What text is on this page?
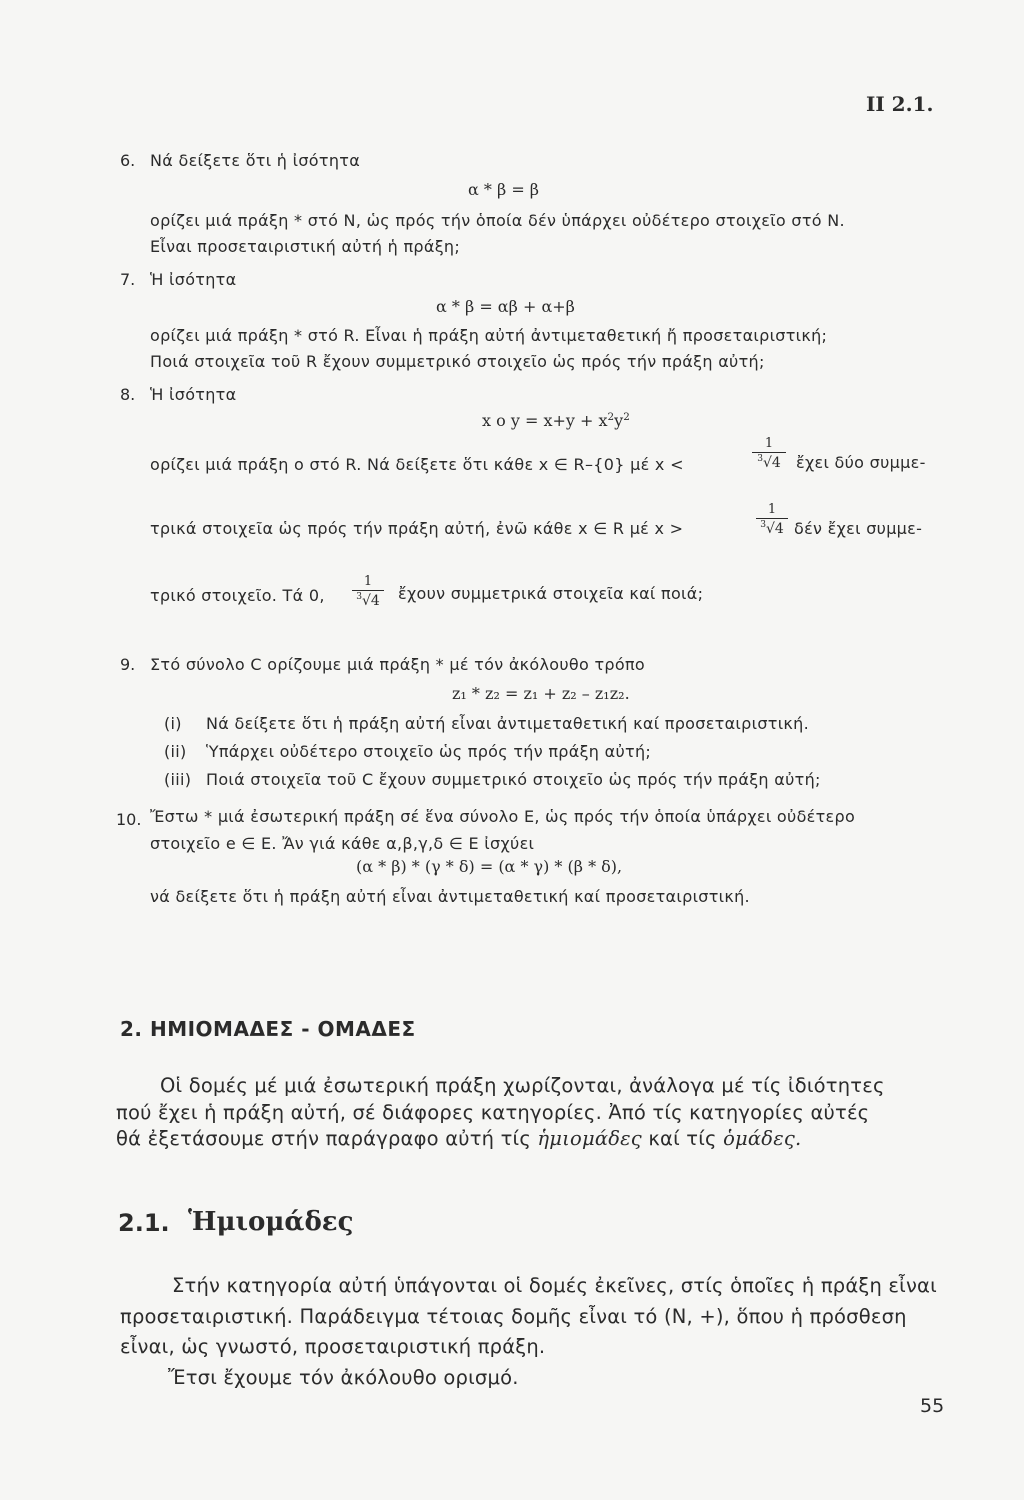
II 2.1.
6. Νά δείξετε ὅτι ἡ ἰσότητα
α * β = β
ορίζει μιά πράξη * στό N, ὡς πρός τήν ὁποία δέν ὑπάρχει οὐδέτερο στοιχεῖο στό N.
Εἶναι προσεταιριστική αὐτή ἡ πράξη;
7. Ἡ ἰσότητα
α * β = αβ + α+β
ορίζει μιά πράξη * στό R. Εἶναι ἡ πράξη αὐτή ἀντιμεταθετική ἤ προσεταιριστική;
Ποιά στοιχεῖα τοῦ R ἔχουν συμμετρικό στοιχεῖο ὡς πρός τήν πράξη αὐτή;
8. Ἡ ἰσότητα
x o $y = x+y + x^2y^2$
ορίζει μιά πράξη o στό R. Νά δείξετε ὅτι κάθε x ∈ R–{0} μέ x <
1
$^3$√4 ἔχει δύο συμμε-
τρικά στοιχεῖα ὡς πρός τήν πράξη αὐτή, ἐνῶ κάθε x ∈ R μέ x >
1
$^3$√4 δέν ἔχει συμμε-
τρικό στοιχεῖο. Τά 0,
1
$^3$√4 ἔχουν συμμετρικά στοιχεῖα καί ποιά;
9. Στό σύνολο C ορίζουμε μιά πράξη * μέ τόν ἀκόλουθο τρόπο
z₁ * z₂ = z₁ + z₂ – z₁z₂.
(i) Νά δείξετε ὅτι ἡ πράξη αὐτή εἶναι ἀντιμεταθετική καί προσεταιριστική.
(ii) Ὑπάρχει οὐδέτερο στοιχεῖο ὡς πρός τήν πράξη αὐτή;
(iii) Ποιά στοιχεῖα τοῦ C ἔχουν συμμετρικό στοιχεῖο ὡς πρός τήν πράξη αὐτή;
10. Ἔστω * μιά ἐσωτερική πράξη σέ ἕνα σύνολο E, ὡς πρός τήν ὁποία ὑπάρχει οὐδέτερο
στοιχεῖο e ∈ E. Ἄν γιά κάθε α,β,γ,δ ∈ E ἰσχύει
(α * β) * (γ * δ) = (α * γ) * (β * δ),
νά δείξετε ὅτι ἡ πράξη αὐτή εἶναι ἀντιμεταθετική καί προσεταιριστική.
2. ΗΜΙΟΜΑΔΕΣ - ΟΜΑΔΕΣ
Οἱ δομές μέ μιά ἐσωτερική πράξη χωρίζονται, ἀνάλογα μέ τίς ἰδιότητες
πού ἔχει ἡ πράξη αὐτή, σέ διάφορες κατηγορίες. Ἀπό τίς κατηγορίες αὐτές
θά ἐξετάσουμε στήν παράγραφο αὐτή τίς ἡμιομάδες καί τίς ὁμάδες.
2.1. Ἡμιομάδες
Στήν κατηγορία αὐτή ὑπάγονται οἱ δομές ἐκεῖνες, στίς ὁποῖες ἡ πράξη εἶναι
προσεταιριστική. Παράδειγμα τέτοιας δομῆς εἶναι τό (N, +), ὅπου ἡ πρόσθεση
εἶναι, ὡς γνωστό, προσεταιριστική πράξη.
Ἔτσι ἔχουμε τόν ἀκόλουθο ορισμό.
55
